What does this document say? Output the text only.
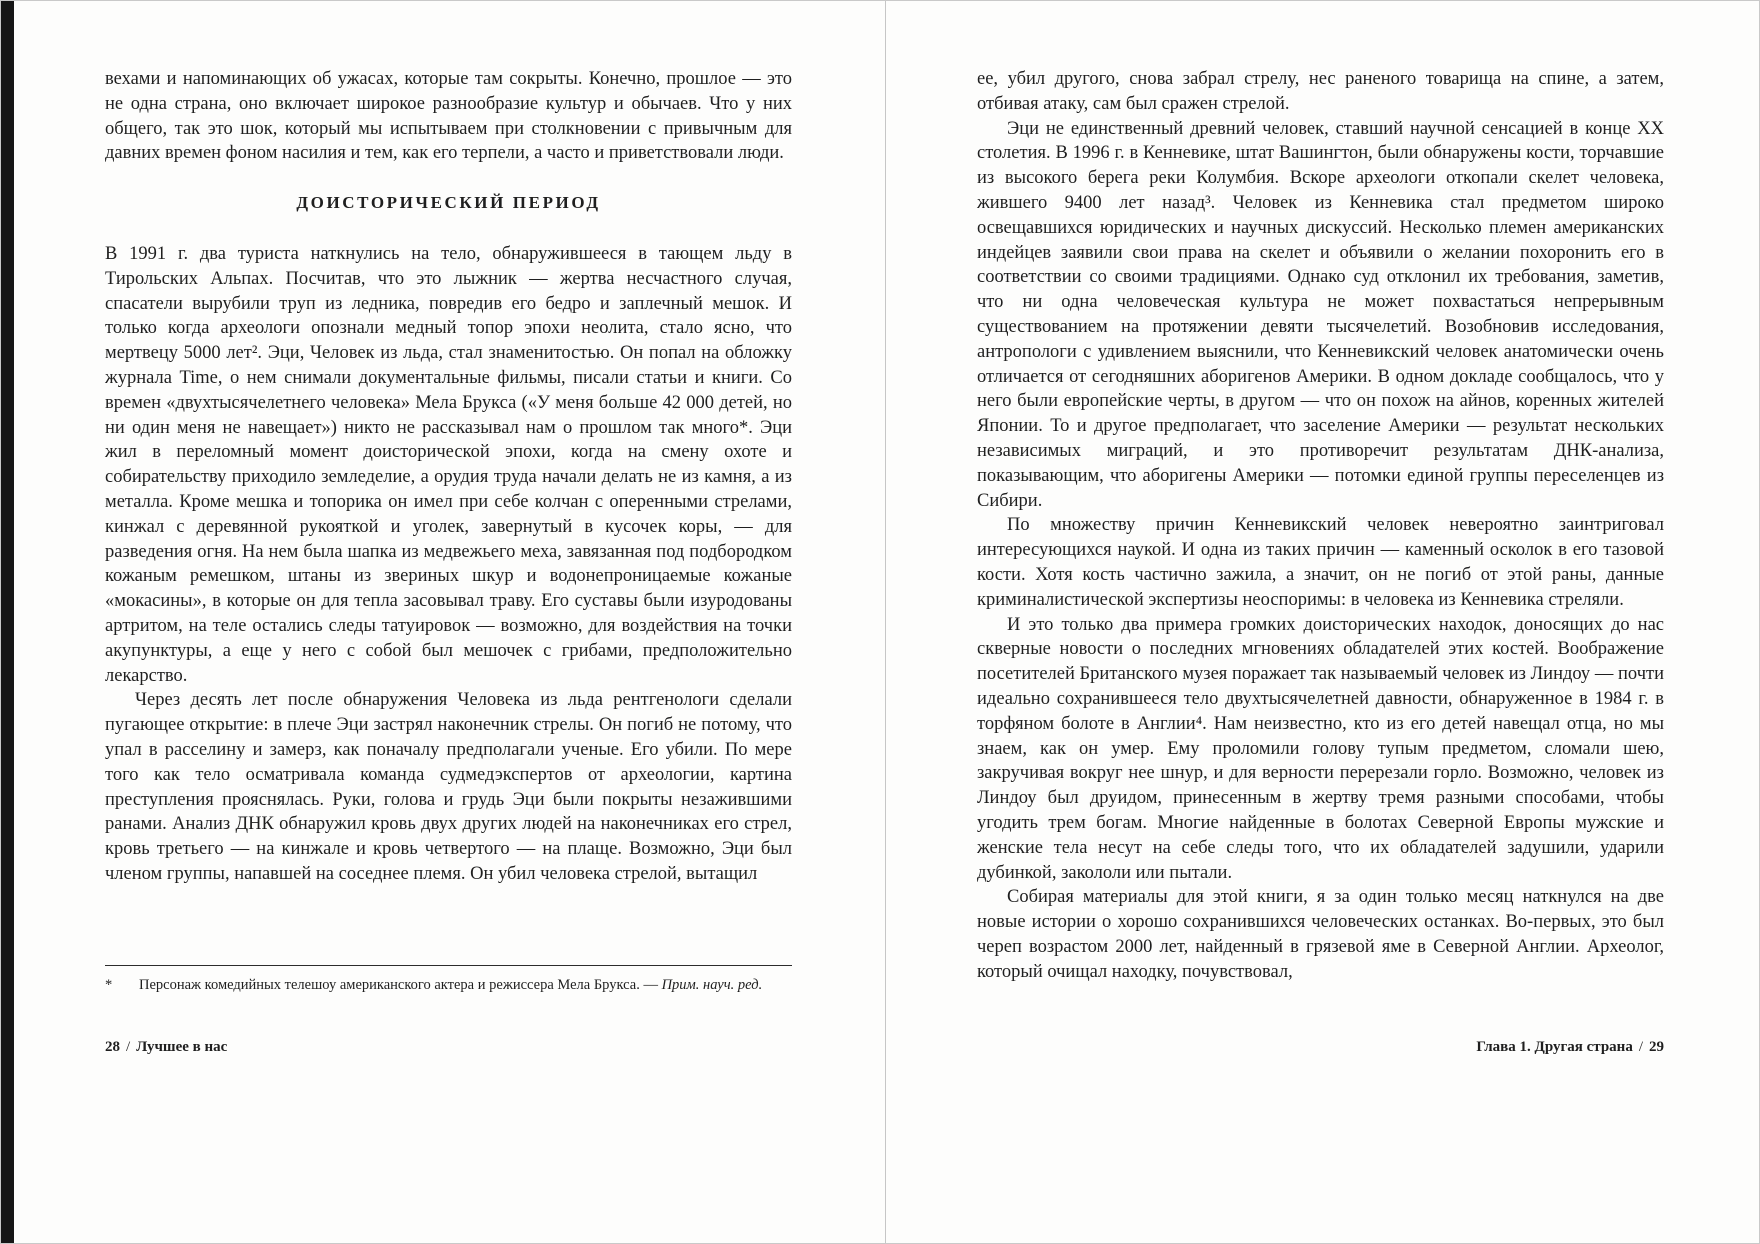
вехами и напоминающих об ужасах, которые там сокрыты. Конечно, прошлое — это не одна страна, оно включает широкое разнообразие культур и обычаев. Что у них общего, так это шок, который мы испытываем при столкновении с привычным для давних времен фоном насилия и тем, как его терпели, а часто и приветствовали люди.

ДОИСТОРИЧЕСКИЙ ПЕРИОД

В 1991 г. два туриста наткнулись на тело, обнаружившееся в тающем льду в Тирольских Альпах. Посчитав, что это лыжник — жертва несчастного случая, спасатели вырубили труп из ледника, повредив его бедро и заплечный мешок. И только когда археологи опознали медный топор эпохи неолита, стало ясно, что мертвецу 5000 лет². Эци, Человек из льда, стал знаменитостью. Он попал на обложку журнала Time, о нем снимали документальные фильмы, писали статьи и книги. Со времен «двухтысячелетнего человека» Мела Брукса («У меня больше 42 000 детей, но ни один меня не навещает») никто не рассказывал нам о прошлом так много*. Эци жил в переломный момент доисторической эпохи, когда на смену охоте и собирательству приходило земледелие, а орудия труда начали делать не из камня, а из металла. Кроме мешка и топорика он имел при себе колчан с оперенными стрелами, кинжал с деревянной рукояткой и уголек, завернутый в кусочек коры, — для разведения огня. На нем была шапка из медвежьего меха, завязанная под подбородком кожаным ремешком, штаны из звериных шкур и водонепроницаемые кожаные «мокасины», в которые он для тепла засовывал траву. Его суставы были изуродованы артритом, на теле остались следы татуировок — возможно, для воздействия на точки акупунктуры, а еще у него с собой был мешочек с грибами, предположительно лекарство.

Через десять лет после обнаружения Человека из льда рентгенологи сделали пугающее открытие: в плече Эци застрял наконечник стрелы. Он погиб не потому, что упал в расселину и замерз, как поначалу предполагали ученые. Его убили. По мере того как тело осматривала команда судмедэкспертов от археологии, картина преступления прояснялась. Руки, голова и грудь Эци были покрыты незажившими ранами. Анализ ДНК обнаружил кровь двух других людей на наконечниках его стрел, кровь третьего — на кинжале и кровь четвертого — на плаще. Возможно, Эци был членом группы, напавшей на соседнее племя. Он убил человека стрелой, вытащил

*	Персонаж комедийных телешоу американского актера и режиссера Мела Брукса. — Прим. науч. ред.

28 / Лучшее в нас

ее, убил другого, снова забрал стрелу, нес раненого товарища на спине, а затем, отбивая атаку, сам был сражен стрелой.

Эци не единственный древний человек, ставший научной сенсацией в конце XX столетия. В 1996 г. в Кенневике, штат Вашингтон, были обнаружены кости, торчавшие из высокого берега реки Колумбия. Вскоре археологи откопали скелет человека, жившего 9400 лет назад³. Человек из Кенневика стал предметом широко освещавшихся юридических и научных дискуссий. Несколько племен американских индейцев заявили свои права на скелет и объявили о желании похоронить его в соответствии со своими традициями. Однако суд отклонил их требования, заметив, что ни одна человеческая культура не может похвастаться непрерывным существованием на протяжении девяти тысячелетий. Возобновив исследования, антропологи с удивлением выяснили, что Кенневикский человек анатомически очень отличается от сегодняшних аборигенов Америки. В одном докладе сообщалось, что у него были европейские черты, в другом — что он похож на айнов, коренных жителей Японии. То и другое предполагает, что заселение Америки — результат нескольких независимых миграций, и это противоречит результатам ДНК-анализа, показывающим, что аборигены Америки — потомки единой группы переселенцев из Сибири.

По множеству причин Кенневикский человек невероятно заинтриговал интересующихся наукой. И одна из таких причин — каменный осколок в его тазовой кости. Хотя кость частично зажила, а значит, он не погиб от этой раны, данные криминалистической экспертизы неоспоримы: в человека из Кенневика стреляли.

И это только два примера громких доисторических находок, доносящих до нас скверные новости о последних мгновениях обладателей этих костей. Воображение посетителей Британского музея поражает так называемый человек из Линдоу — почти идеально сохранившееся тело двухтысячелетней давности, обнаруженное в 1984 г. в торфяном болоте в Англии⁴. Нам неизвестно, кто из его детей навещал отца, но мы знаем, как он умер. Ему проломили голову тупым предметом, сломали шею, закручивая вокруг нее шнур, и для верности перерезали горло. Возможно, человек из Линдоу был друидом, принесенным в жертву тремя разными способами, чтобы угодить трем богам. Многие найденные в болотах Северной Европы мужские и женские тела несут на себе следы того, что их обладателей задушили, ударили дубинкой, закололи или пытали.

Собирая материалы для этой книги, я за один только месяц наткнулся на две новые истории о хорошо сохранившихся человеческих останках. Во-первых, это был череп возрастом 2000 лет, найденный в грязевой яме в Северной Англии. Археолог, который очищал находку, почувствовал,

Глава 1. Другая страна / 29
